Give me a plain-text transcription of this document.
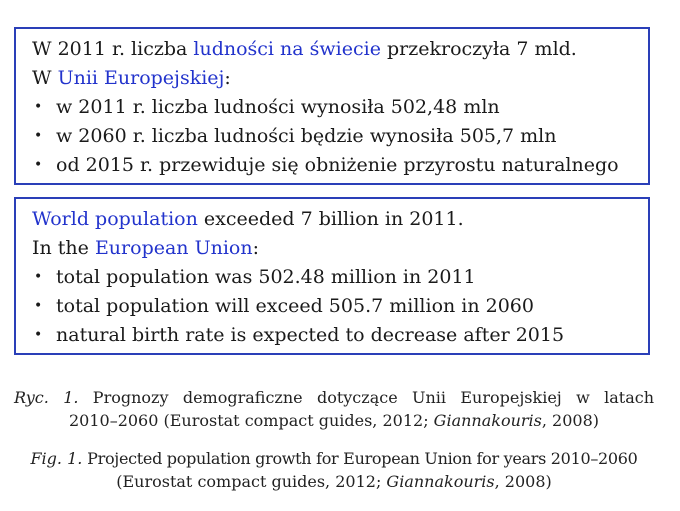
W 2011 r. liczba ludności na świecie przekroczyła 7 mld.
W Unii Europejskiej:
• w 2011 r. liczba ludności wynosiła 502,48 mln
• w 2060 r. liczba ludności będzie wynosiła 505,7 mln
• od 2015 r. przewiduje się obniżenie przyrostu naturalnego
World population exceeded 7 billion in 2011.
In the European Union:
• total population was 502.48 million in 2011
• total population will exceed 505.7 million in 2060
• natural birth rate is expected to decrease after 2015
Ryc. 1. Prognozy demograficzne dotyczące Unii Europejskiej w latach
2010–2060 (Eurostat compact guides, 2012; Giannakouris, 2008)
Fig. 1. Projected population growth for European Union for years 2010–2060
(Eurostat compact guides, 2012; Giannakouris, 2008)
